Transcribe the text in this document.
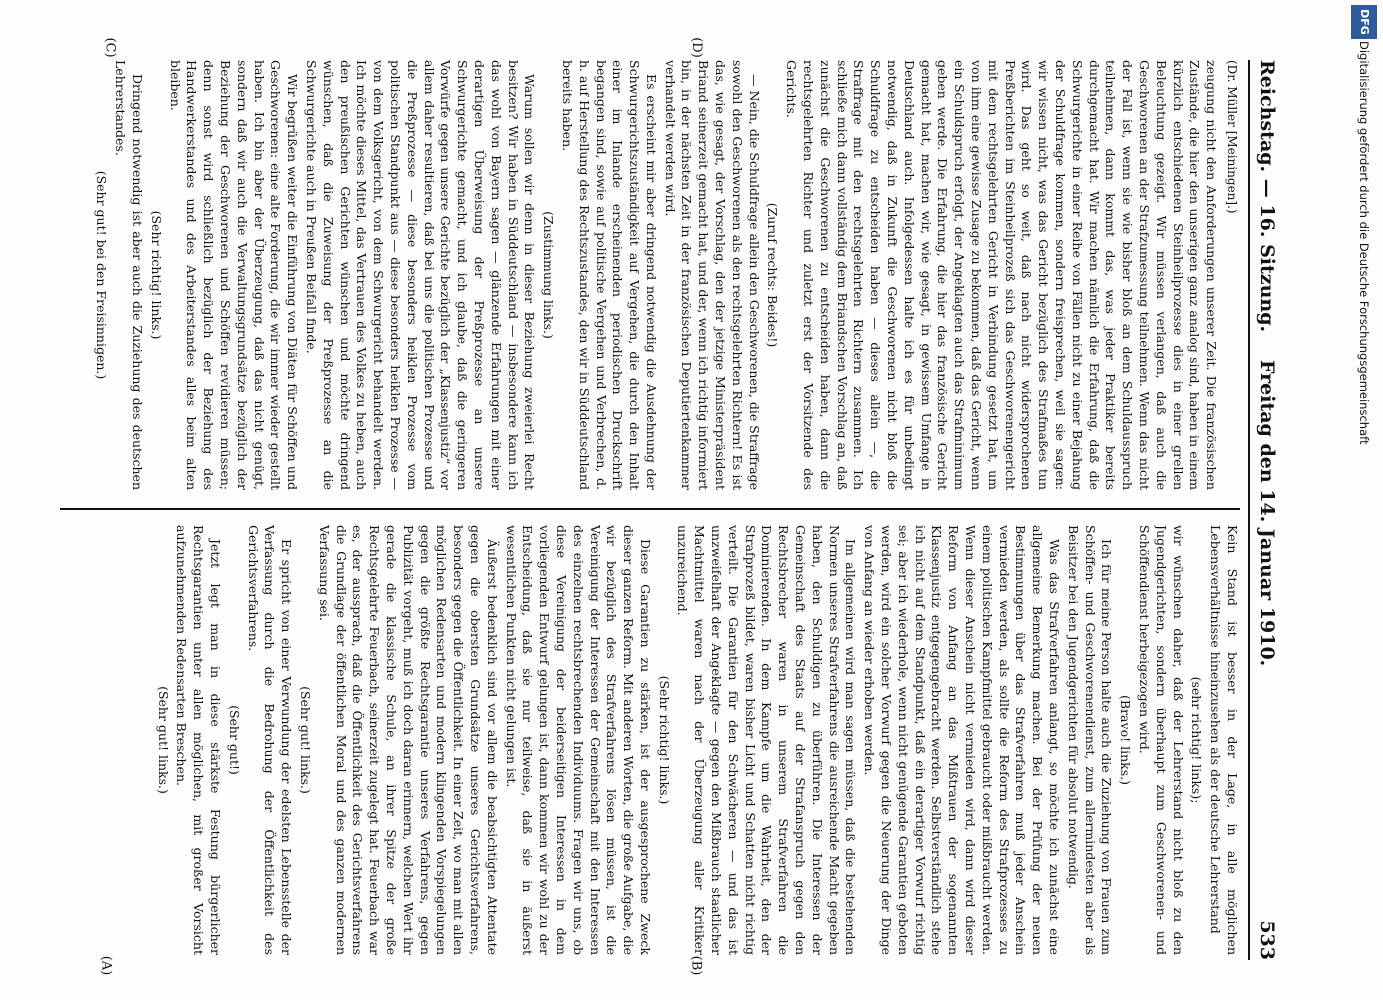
Reichstag. — 16. Sitzung.
Freitag den 14. Januar 1910.
533

(Dr. Müller [Meiningen].)

zeugung nicht den Anforderungen unserer Zeit. Die französischen Zustände, die hier den unserigen ganz analog sind, haben in einem kürzlich entschiedenen Steinheilprozesse dies in einer grellen Beleuchtung gezeigt. Wir müssen verlangen, daß auch die Geschworenen an der Strafzumessung teilnehmen. Wenn das nicht der Fall ist, wenn sie wie bisher bloß an dem Schuldausspruch teilnehmen, dann kommt das, was jeder Praktiker bereits durchgemacht hat. Wir machen nämlich die Erfahrung, daß die Schwurgerichte in einer Reihe von Fällen nicht zu einer Bejahung der Schuldfrage kommen, sondern freisprechen, weil sie sagen: wir wissen nicht, was das Gericht bezüglich des Strafmaßes tun wird. Das geht so weit, daß nach nicht widersprochenen Preßberichten im Steinheilprozeß sich das Geschworenengericht mit dem rechtsgelehrten Gericht in Verbindung gesetzt hat, um von ihm eine gewisse Zusage zu bekommen, daß das Gericht, wenn ein Schuldspruch erfolgt, der Angeklagten auch das Strafminimum geben werde. Die Erfahrung, die hier das französische Gericht gemacht hat, machen wir, wie gesagt, in gewissem Umfange in Deutschland auch. Infolgedessen halte ich es für unbedingt notwendig, daß in Zukunft die Geschworenen nicht bloß die Schuldfrage zu entscheiden haben — dieses allein —, die Straffrage mit den rechtsgelehrten Richtern zusammen. Ich schließe mich dann vollständig dem Briandschen Vorschlag an, daß zunächst die Geschworenen zu entscheiden haben, dann die rechtsgelehrten Richter und zuletzt erst der Vorsitzende des Gerichts.

(Zuruf rechts: Beides!)

— Nein, die Schuldfrage allein den Geschworenen, die Straffrage sowohl den Geschworenen als den rechtsgelehrten Richtern! Es ist das, wie gesagt, der Vorschlag, den der jetzige Ministerpräsident Briand seinerzeit gemacht hat, und der, wenn ich richtig informiert bin, in der nächsten Zeit in der französischen Deputiertenkammer verhandelt werden wird.

Es erscheint mir aber dringend notwendig die Ausdehnung der Schwurgerichtszuständigkeit auf Vergehen, die durch den Inhalt einer im Inlande erscheinenden periodischen Druckschrift begangen sind, sowie auf politische Vergehen und Verbrechen, d. h. auf Herstellung des Rechtszustandes, den wir in Süddeutschland bereits haben.

(Zustimmung links.)

Warum sollen wir denn in dieser Beziehung zweierlei Recht besitzen? Wir haben in Süddeutschland — insbesondere kann ich das wohl von Bayern sagen — glänzende Erfahrungen mit einer derartigen Überweisung der Preßprozesse an unsere Schwurgerichte gemacht, und ich glaube, daß die geringeren Vorwürfe gegen unsere Gerichte bezüglich der „Klassenjustiz“ vor allem daher resultieren, daß bei uns die politischen Prozesse und die Preßprozesse — diese besonders heiklen Prozesse vom politischen Standpunkt aus — diese besonders heiklen Prozesse — von dem Volksgericht, von dem Schwurgericht behandelt werden. Ich möchte dieses Mittel, das Vertrauen des Volkes zu heben, auch den preußischen Gerichten wünschen und möchte dringend wünschen, daß die Zuweisung der Preßprozesse an die Schwurgerichte auch in Preußen Beifall finde.

Wir begrüßen weiter die Einführung von Diäten für Schöffen und Geschworenen: eine alte Forderung, die wir immer wieder gestellt haben. Ich bin aber der Überzeugung, daß das nicht genügt, sondern daß wir auch die Verwaltungsgrundsätze bezüglich der Beziehung der Geschworenen und Schöffen revidieren müssen; denn sonst wird schließlich bezüglich der Beziehung des Handwerkerstandes und des Arbeiterstandes alles beim alten bleiben.

(Sehr richtig! links.)

Dringend notwendig ist aber auch die Zuziehung des deutschen Lehrerstandes.

(Sehr gut! bei den Freisinnigen.)

Kein Stand ist besser in der Lage, in alle möglichen Lebensverhältnisse hineinzusehen als der deutsche Lehrerstand

(sehr richtig! links);

wir wünschen daher, daß der Lehrerstand nicht bloß zu den Jugendgerichten, sondern überhaupt zum Geschworenen- und Schöffendienst herbeigezogen wird.

(Bravo! links.)

Ich für meine Person halte auch die Zuziehung von Frauen zum Schöffen- und Geschworenendienst, zum allermindesten aber als Beisitzer bei den Jugendgerichten für absolut notwendig.

Was das Strafverfahren anlangt, so möchte ich zunächst eine allgemeine Bemerkung machen. Bei der Prüfung der neuen Bestimmungen über das Strafverfahren muß jeder Anschein vermieden werden, als sollte die Reform des Strafprozesses zu einem politischen Kampfmittel gebraucht oder mißbraucht werden. Wenn dieser Anschein nicht vermieden wird, dann wird dieser Reform von Anfang an das Mißtrauen der sogenannten Klassenjustiz entgegengebracht werden. Selbstverständlich stehe ich nicht auf dem Standpunkt, daß ein derartiger Vorwurf richtig sei; aber ich wiederhole, wenn nicht genügende Garantien geboten werden, wird ein solcher Vorwurf gegen die Neuerung der Dinge von Anfang an wieder erhoben werden.

Im allgemeinen wird man sagen müssen, daß die bestehenden Normen unseres Strafverfahrens die ausreichende Macht gegeben haben, den Schuldigen zu überführen. Die Interessen der Gemeinschaft des Staats auf der Strafanspruch gegen den Rechtsbrecher waren in unserem Strafverfahren die Dominierenden. In dem Kampfe um die Wahrheit, den der Strafprozeß bildet, waren bisher Licht und Schatten nicht richtig verteilt. Die Garantien für den Schwächeren — und das ist unzweifelhaft der Angeklagte — gegen den Mißbrauch staatlicher Machtmittel waren nach der Überzeugung aller Kritiker unzureichend.

(Sehr richtig! links.)

Diese Garantien zu stärken, ist der ausgesprochene Zweck dieser ganzen Reform. Mit anderen Worten, die große Aufgabe, die wir bezüglich des Strafverfahrens lösen müssen, ist die Vereinigung der Interessen der Gemeinschaft mit den Interessen des einzelnen rechtsbrechenden Individuums. Fragen wir uns, ob diese Vereinigung der beiderseitigen Interessen in dem vorliegenden Entwurf gelungen ist, dann kommen wir wohl zu der Entscheidung, daß sie nur teilweise, daß sie in äußerst wesentlichen Punkten nicht gelungen ist.

Äußerst bedenklich sind vor allem die beabsichtigten Attentate gegen die obersten Grundsätze unseres Gerichtsverfahrens, besonders gegen die Öffentlichkeit. In einer Zeit, wo man mit allen möglichen Redensarten und modern klingenden Vorspiegelungen gegen die größte Rechtsgarantie unseres Verfahrens, gegen Publizität vorgeht, muß ich doch daran erinnern, welchen Wert ihr gerade die klassische Schule, an ihrer Spitze der große Rechtsgelehrte Feuerbach, seinerzeit zugelegt hat. Feuerbach war es, der aussprach, daß die Öffentlichkeit des Gerichtsverfahrens die Grundlage der öffentlichen Moral und des ganzen modernen Verfassung sei.

(Sehr gut! links.)

Er spricht von einer Verwundung der edelsten Lebensstelle der Verfassung durch die Bedrohung der Öffentlichkeit des Gerichtsverfahrens.

(Sehr gut!)

Jetzt legt man in diese stärkste Festung bürgerlicher Rechtsgarantien unter allen möglichen, mit großer Vorsicht aufzunehmenden Redensarten Breschen.

(Sehr gut! links.)

(A)	(B)
(C)	(D)
DFG
Digitalisierung gefördert durch die Deutsche Forschungsgemeinschaft
